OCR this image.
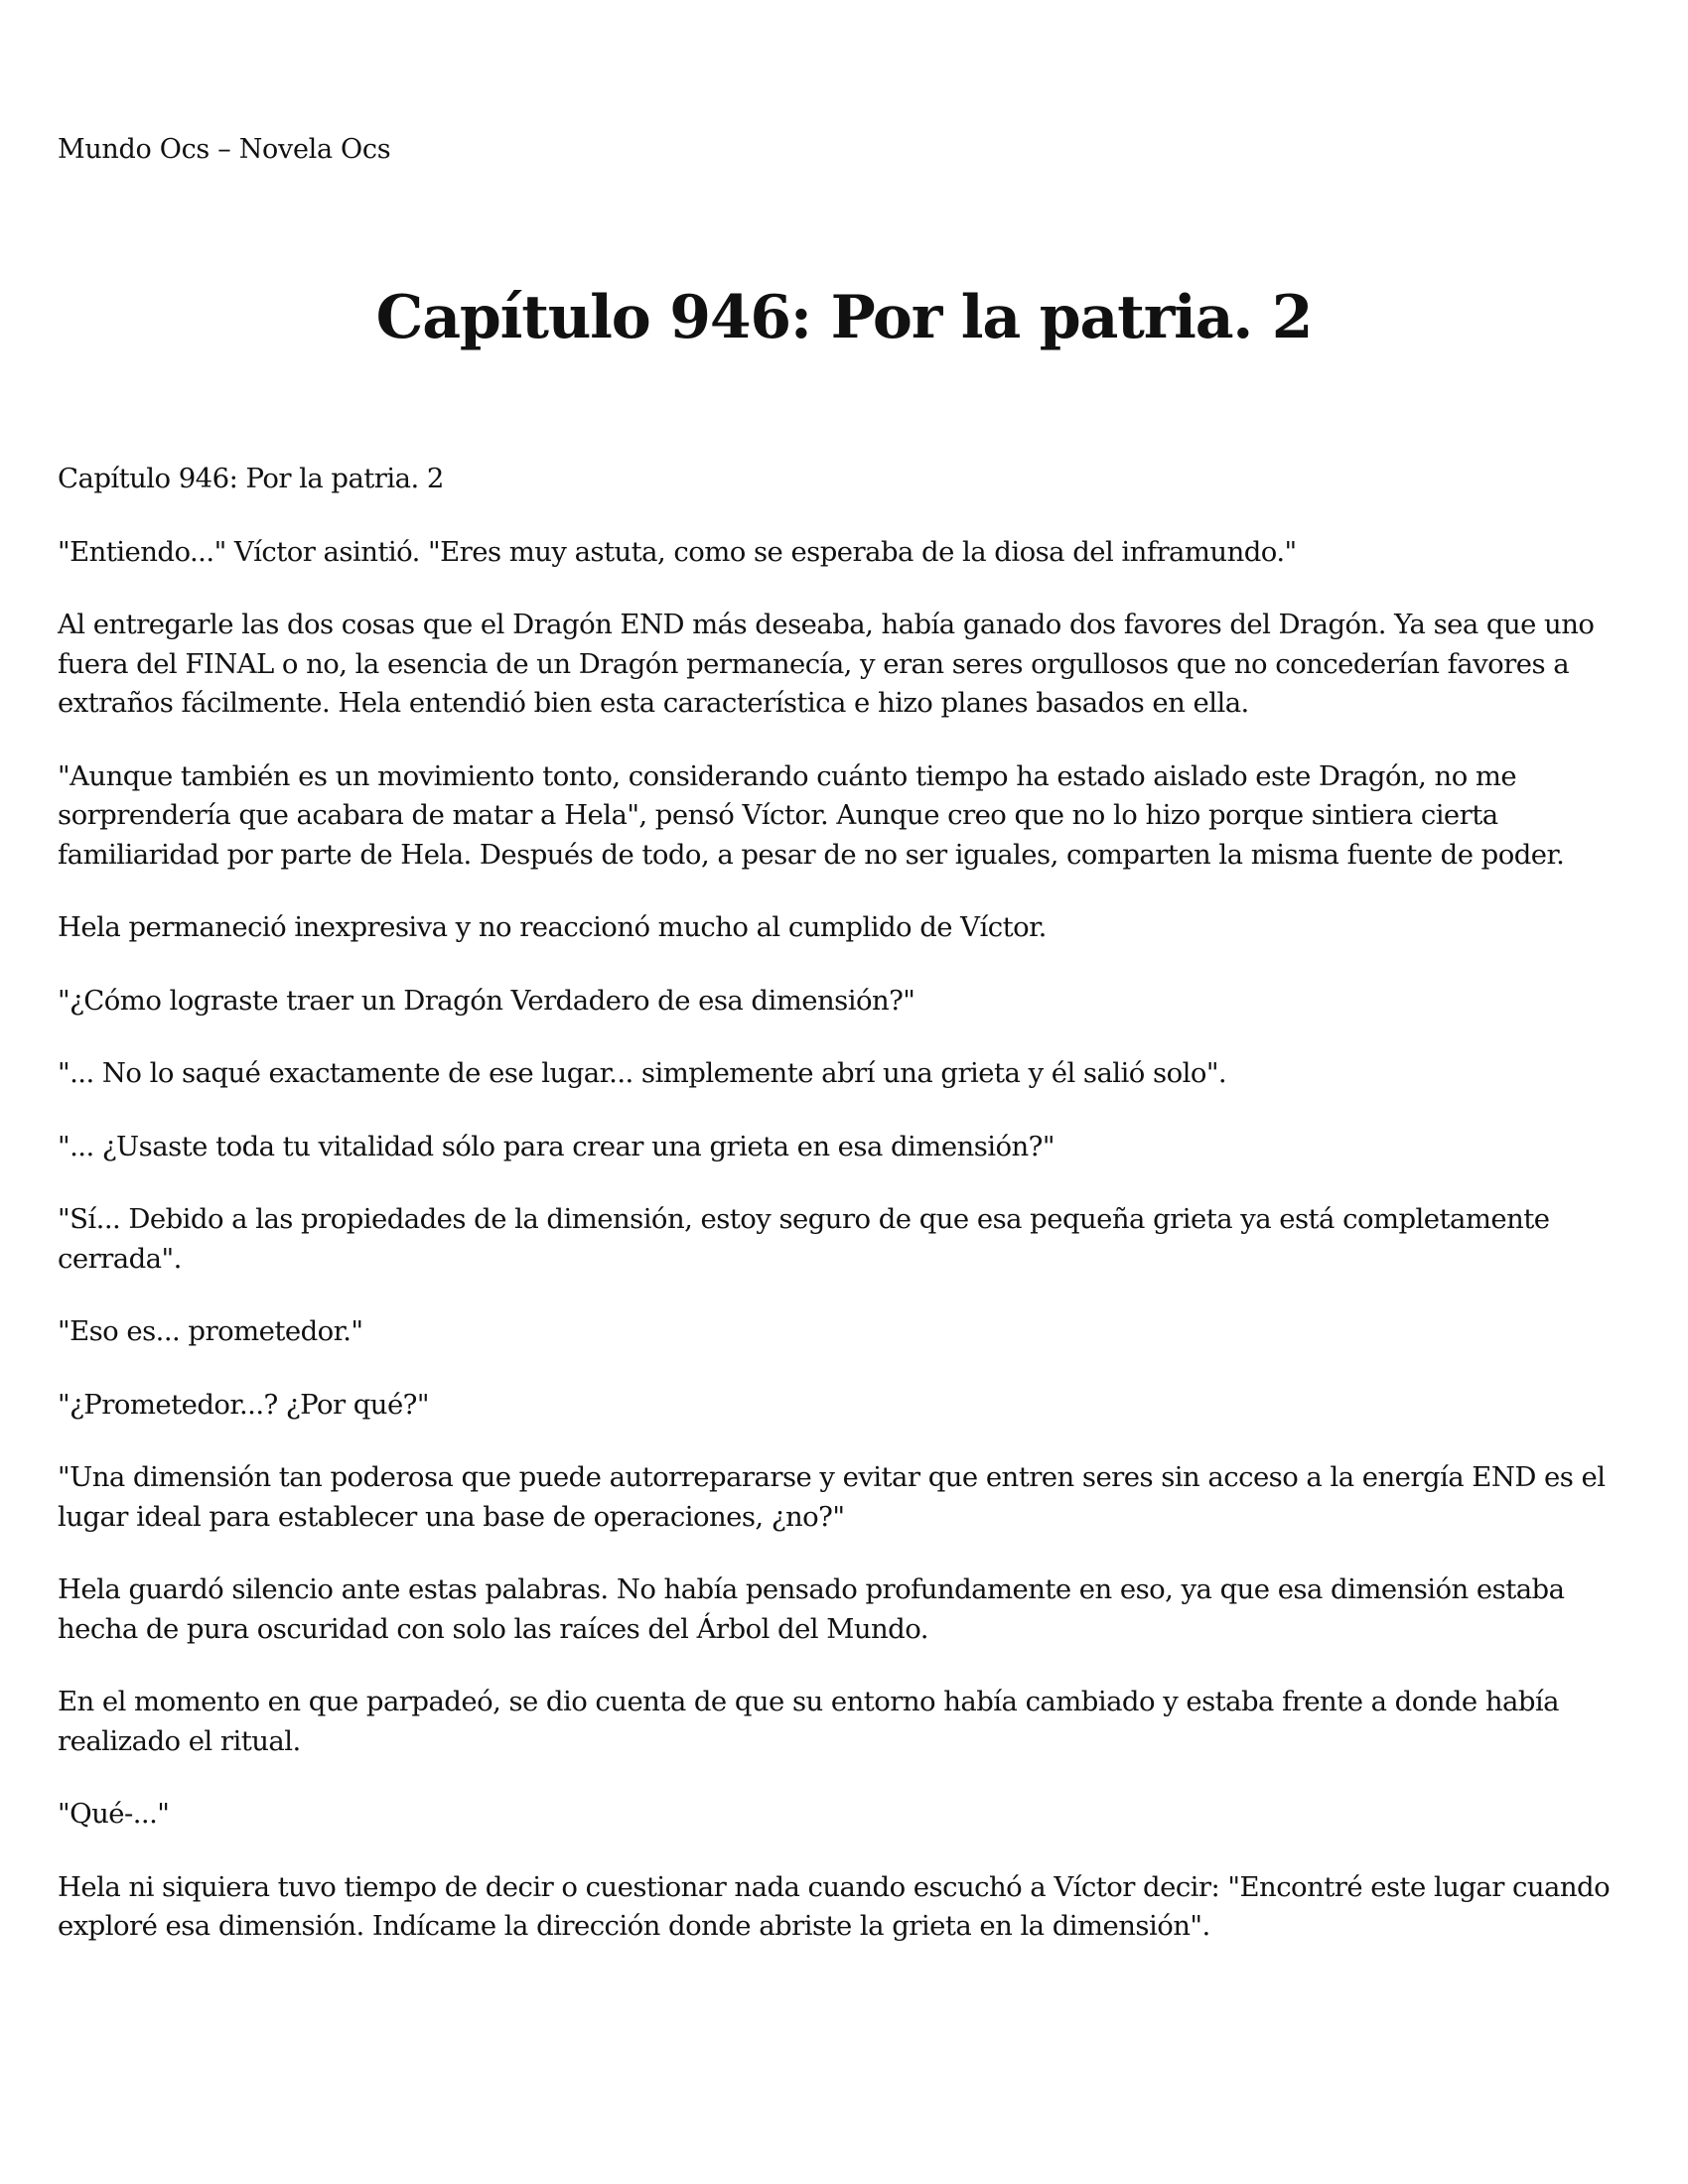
Mundo Ocs – Novela Ocs
Capítulo 946: Por la patria. 2

Capítulo 946: Por la patria. 2

"Entiendo..." Víctor asintió. "Eres muy astuta, como se esperaba de la diosa del inframundo."

Al entregarle las dos cosas que el Dragón END más deseaba, había ganado dos favores del Dragón. Ya sea que uno fuera del FINAL o no, la esencia de un Dragón permanecía, y eran seres orgullosos que no concederían favores a extraños fácilmente. Hela entendió bien esta característica e hizo planes basados en ella.

"Aunque también es un movimiento tonto, considerando cuánto tiempo ha estado aislado este Dragón, no me sorprendería que acabara de matar a Hela", pensó Víctor. Aunque creo que no lo hizo porque sintiera cierta familiaridad por parte de Hela. Después de todo, a pesar de no ser iguales, comparten la misma fuente de poder.

Hela permaneció inexpresiva y no reaccionó mucho al cumplido de Víctor.

"¿Cómo lograste traer un Dragón Verdadero de esa dimensión?"

"... No lo saqué exactamente de ese lugar... simplemente abrí una grieta y él salió solo".

"... ¿Usaste toda tu vitalidad sólo para crear una grieta en esa dimensión?"

"Sí... Debido a las propiedades de la dimensión, estoy seguro de que esa pequeña grieta ya está completamente cerrada".

"Eso es... prometedor."

"¿Prometedor...? ¿Por qué?"

"Una dimensión tan poderosa que puede autorrepararse y evitar que entren seres sin acceso a la energía END es el lugar ideal para establecer una base de operaciones, ¿no?"

Hela guardó silencio ante estas palabras. No había pensado profundamente en eso, ya que esa dimensión estaba hecha de pura oscuridad con solo las raíces del Árbol del Mundo.

En el momento en que parpadeó, se dio cuenta de que su entorno había cambiado y estaba frente a donde había realizado el ritual.

"Qué-..."

Hela ni siquiera tuvo tiempo de decir o cuestionar nada cuando escuchó a Víctor decir: "Encontré este lugar cuando exploré esa dimensión. Indícame la dirección donde abriste la grieta en la dimensión".
